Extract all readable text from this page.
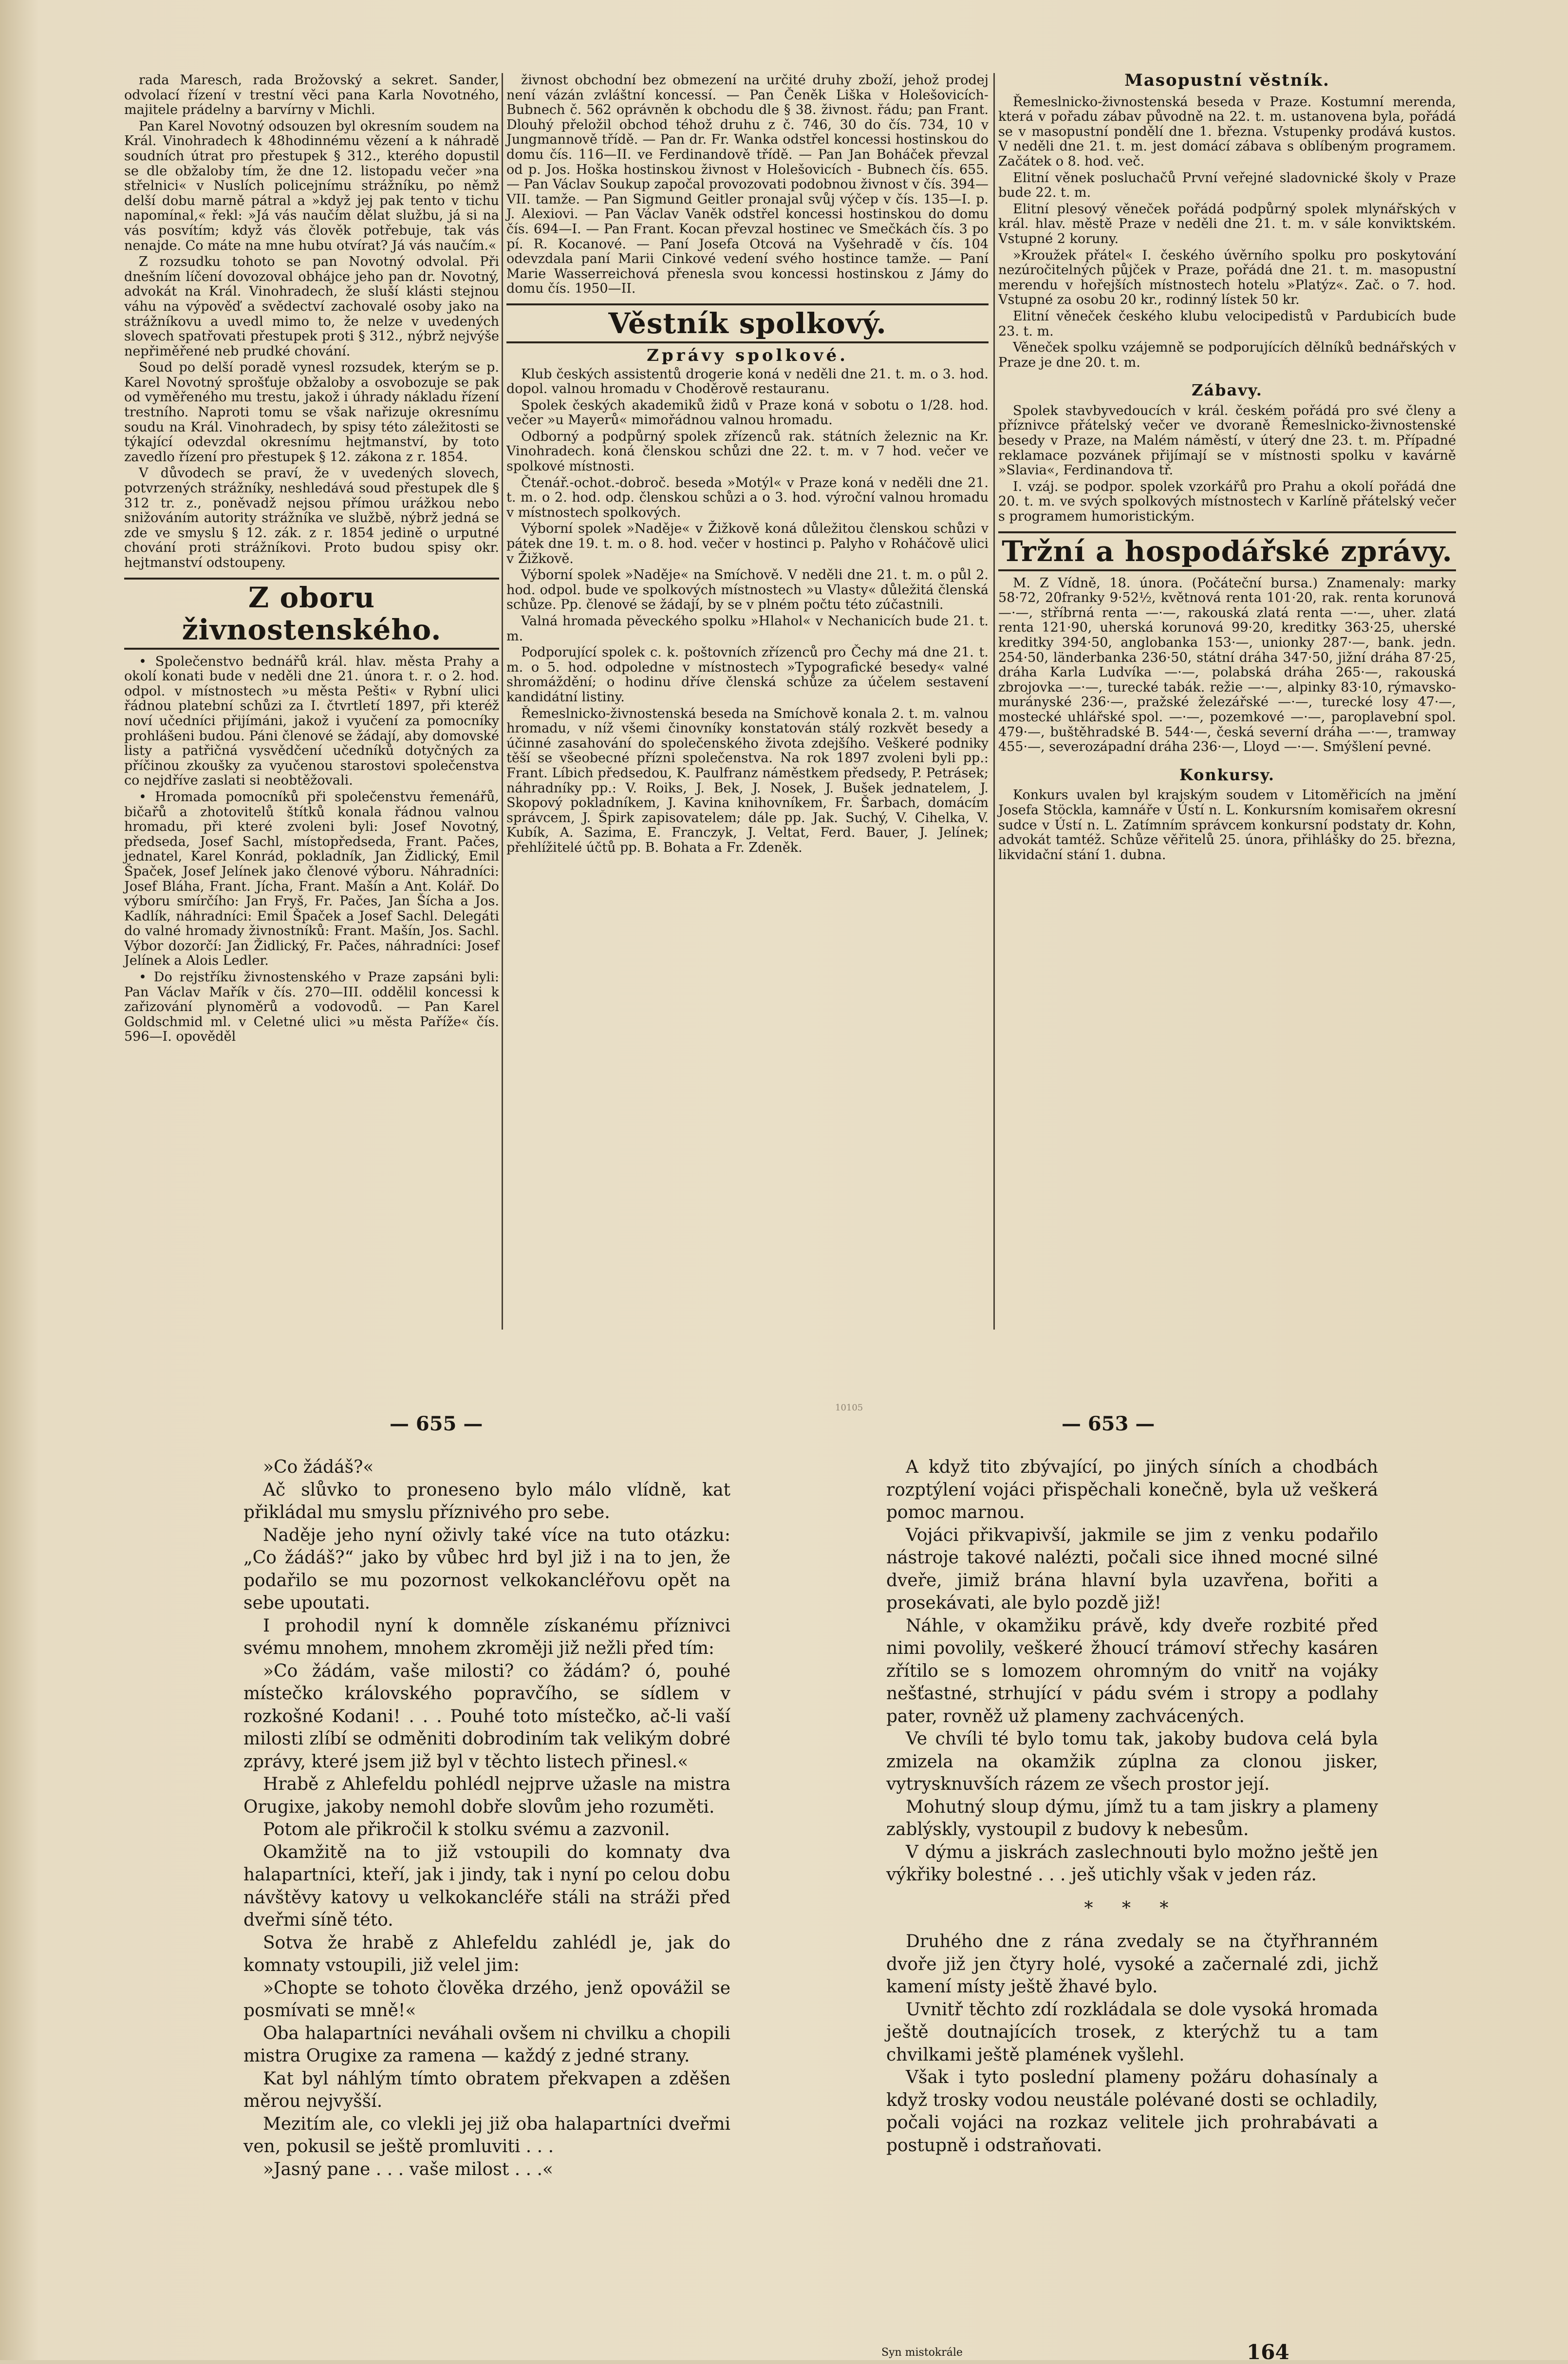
rada Maresch, rada Brožovský a sekret. Sander, odvolací řízení v trestní věci pana Karla Novotného, majitele prádelny a barvírny v Michli.

Pan Karel Novotný odsouzen byl okresním soudem na Král. Vinohradech k 48hodinnému vězení a k náhradě soudních útrat pro přestupek § 312., kterého dopustil se dle obžaloby tím, že dne 12. listopadu večer »na střelnici« v Nuslích policejnímu strážníku, po němž delší dobu marně pátral a »když jej pak tento v tichu napomínal,« řekl: »Já vás naučím dělat službu, já si na vás posvítím; když vás člověk potřebuje, tak vás nenajde. Co máte na mne hubu otvírat? Já vás naučím.«

Z rozsudku tohoto se pan Novotný odvolal. Při dnešním líčení dovozoval obhájce jeho pan dr. Novotný, advokát na Král. Vinohradech, že sluší klásti stejnou váhu na výpověď a svědectví zachovalé osoby jako na strážníkovu a uvedl mimo to, že nelze v uvedených slovech spatřovati přestupek proti § 312., nýbrž nejvýše nepřiměřené neb prudké chování.

Soud po delší poradě vynesl rozsudek, kterým se p. Karel Novotný sprošťuje obžaloby a osvobozuje se pak od vyměřeného mu trestu, jakož i úhrady nákladu řízení trestního. Naproti tomu se však nařizuje okresnímu soudu na Král. Vinohradech, by spisy této záležitosti se týkající odevzdal okresnímu hejtmanství, by toto zavedlo řízení pro přestupek § 12. zákona z r. 1854.

V důvodech se praví, že v uvedených slovech, potvrzených strážníky, neshledává soud přestupek dle § 312 tr. z., poněvadž nejsou přímou urážkou nebo snižováním autority strážníka ve službě, nýbrž jedná se zde ve smyslu § 12. zák. z r. 1854 jedině o urputné chování proti strážníkovi. Proto budou spisy okr. hejtmanství odstoupeny.

Z oboru živnostenského.

• Společenstvo bednářů král. hlav. města Prahy a okolí konati bude v neděli dne 21. února t. r. o 2. hod. odpol. v místnostech »u města Pešti« v Rybní ulici řádnou platební schůzi za I. čtvrtletí 1897, při kteréž noví učedníci přijímáni, jakož i vyučení za pomocníky prohlášeni budou. Páni členové se žádají, aby domovské listy a patřičná vysvědčení učedníků dotyčných za příčinou zkoušky za vyučenou starostovi společenstva co nejdříve zaslati si neobtěžovali.

• Hromada pomocníků při společenstvu řemenářů, bičařů a zhotovitelů štítků konala řádnou valnou hromadu, při které zvoleni byli: Josef Novotný, předseda, Josef Sachl, místopředseda, Frant. Pačes, jednatel, Karel Konrád, pokladník, Jan Židlický, Emil Špaček, Josef Jelínek jako členové výboru. Náhradníci: Josef Bláha, Frant. Jícha, Frant. Mašín a Ant. Kolář. Do výboru smírčího: Jan Fryš, Fr. Pačes, Jan Šícha a Jos. Kadlík, náhradníci: Emil Špaček a Josef Sachl. Delegáti do valné hromady živnostníků: Frant. Mašín, Jos. Sachl. Výbor dozorčí: Jan Židlický, Fr. Pačes, náhradníci: Josef Jelínek a Alois Ledler.

• Do rejstříku živnostenského v Praze zapsáni byli: Pan Václav Mařík v čís. 270—III. oddělil koncessi k zařizování plynoměrů a vodovodů. — Pan Karel Goldschmid ml. v Celetné ulici »u města Paříže« čís. 596—I. opověděl

živnost obchodní bez obmezení na určité druhy zboží, jehož prodej není vázán zvláštní koncessí. — Pan Čeněk Liška v Holešovicích-Bubnech č. 562 oprávněn k obchodu dle § 38. živnost. řádu; pan Frant. Dlouhý přeložil obchod téhož druhu z č. 746, 30 do čís. 734, 10 v Jungmannově třídě. — Pan dr. Fr. Wanka odstřel koncessi hostinskou do domu čís. 116—II. ve Ferdinandově třídě. — Pan Jan Boháček převzal od p. Jos. Hoška hostinskou živnost v Holešovicích - Bubnech čís. 655. — Pan Václav Soukup započal provozovati podobnou živnost v čís. 394—VII. tamže. — Pan Sigmund Geitler pronajal svůj výčep v čís. 135—I. p. J. Alexiovi. — Pan Václav Vaněk odstřel koncessi hostinskou do domu čís. 694—I. — Pan Frant. Kocan převzal hostinec ve Smečkách čís. 3 po pí. R. Kocanové. — Paní Josefa Otcová na Vyšehradě v čís. 104 odevzdala paní Marii Cinkové vedení svého hostince tamže. — Paní Marie Wasserreichová přenesla svou koncessi hostinskou z Jámy do domu čís. 1950—II.

Věstník spolkový.
Zprávy spolkové.

Klub českých assistentů drogerie koná v neděli dne 21. t. m. o 3. hod. dopol. valnou hromadu v Choděrově restauranu.

Spolek českých akademiků židů v Praze koná v sobotu o 1/28. hod. večer »u Mayerů« mimořádnou valnou hromadu.

Odborný a podpůrný spolek zřízenců rak. státních železnic na Kr. Vinohradech. koná členskou schůzi dne 22. t. m. v 7 hod. večer ve spolkové místnosti.

Čtenář.-ochot.-dobroč. beseda »Motýl« v Praze koná v neděli dne 21. t. m. o 2. hod. odp. členskou schůzi a o 3. hod. výroční valnou hromadu v místnostech spolkových.

Výborní spolek »Naděje« v Žižkově koná důležitou členskou schůzi v pátek dne 19. t. m. o 8. hod. večer v hostinci p. Palyho v Roháčově ulici v Žižkově.

Výborní spolek »Naděje« na Smíchově. V neděli dne 21. t. m. o půl 2. hod. odpol. bude ve spolkových místnostech »u Vlasty« důležitá členská schůze. Pp. členové se žádají, by se v plném počtu této zúčastnili.

Valná hromada pěveckého spolku »Hlahol« v Nechanicích bude 21. t. m.

Podporující spolek c. k. poštovních zřízenců pro Čechy má dne 21. t. m. o 5. hod. odpoledne v místnostech »Typografické besedy« valné shromáždění; o hodinu dříve členská schůze za účelem sestavení kandidátní listiny.

Řemeslnicko-živnostenská beseda na Smíchově konala 2. t. m. valnou hromadu, v níž všemi činovníky konstatován stálý rozkvět besedy a účinné zasahování do společenského života zdejšího. Veškeré podniky těší se všeobecné přízni společenstva. Na rok 1897 zvoleni byli pp.: Frant. Líbich předsedou, K. Paulfranz náměstkem předsedy, P. Petrásek; náhradníky pp.: V. Roiks, J. Bek, J. Nosek, J. Bušek jednatelem, J. Skopový pokladníkem, J. Kavina knihovníkem, Fr. Šarbach, domácím správcem, J. Špirk zapisovatelem; dále pp. Jak. Suchý, V. Cihelka, V. Kubík, A. Sazima, E. Franczyk, J. Veltat, Ferd. Bauer, J. Jelínek; přehlížitelé účtů pp. B. Bohata a Fr. Zdeněk.

Masopustní věstník.

Řemeslnicko-živnostenská beseda v Praze. Kostumní merenda, která v pořadu zábav původně na 22. t. m. ustanovena byla, pořádá se v masopustní pondělí dne 1. března. Vstupenky prodává kustos. V neděli dne 21. t. m. jest domácí zábava s oblíbeným programem. Začátek o 8. hod. več.

Elitní věnek posluchačů První veřejné sladovnické školy v Praze bude 22. t. m.

Elitní plesový věneček pořádá podpůrný spolek mlynářských v král. hlav. městě Praze v neděli dne 21. t. m. v sále konviktském. Vstupné 2 koruny.

»Kroužek přátel« I. českého úvěrního spolku pro poskytování nezúročitelných půjček v Praze, pořádá dne 21. t. m. masopustní merendu v hořejších místnostech hotelu »Platýz«. Zač. o 7. hod. Vstupné za osobu 20 kr., rodinný lístek 50 kr.

Elitní věneček českého klubu velocipedistů v Pardubicích bude 23. t. m.

Věneček spolku vzájemně se podporujících dělníků bednářských v Praze je dne 20. t. m.

Zábavy.

Spolek stavbyvedoucích v král. českém pořádá pro své členy a příznivce přátelský večer ve dvoraně Řemeslnicko-živnostenské besedy v Praze, na Malém náměstí, v úterý dne 23. t. m. Případné reklamace pozvánek přijímají se v místnosti spolku v kavárně »Slavia«, Ferdinandova tř.

I. vzáj. se podpor. spolek vzorkářů pro Prahu a okolí pořádá dne 20. t. m. ve svých spolkových místnostech v Karlíně přátelský večer s programem humoristickým.

Tržní a hospodářské zprávy.

M. Z Vídně, 18. února. (Počáteční bursa.) Znamenaly: marky 58·72, 20franky 9·52½, květnová renta 101·20, rak. renta korunová —·—, stříbrná renta —·—, rakouská zlatá renta —·—, uher. zlatá renta 121·90, uherská korunová 99·20, kreditky 363·25, uherské kreditky 394·50, anglobanka 153·—, unionky 287·—, bank. jedn. 254·50, länderbanka 236·50, státní dráha 347·50, jižní dráha 87·25, dráha Karla Ludvíka —·—, polabská dráha 265·—, rakouská zbrojovka —·—, turecké tabák. režie —·—, alpinky 83·10, rýmavsko-murányské 236·—, pražské železářské —·—, turecké losy 47·—, mostecké uhlářské spol. —·—, pozemkové —·—, paroplavební spol. 479·—, buštěhradské B. 544·—, česká severní dráha —·—, tramway 455·—, severozápadní dráha 236·—, Lloyd —·—. Smýšlení pevné.

Konkursy.

Konkurs uvalen byl krajským soudem v Litoměřicích na jmění Josefa Stöckla, kamnáře v Ústí n. L. Konkursním komisařem okresní sudce v Ústí n. L. Zatímním správcem konkursní podstaty dr. Kohn, advokát tamtéž. Schůze věřitelů 25. února, přihlášky do 25. března, likvidační stání 1. dubna.

— 655 —
10105
— 653 —

»Co žádáš?«

Ač slůvko to proneseno bylo málo vlídně, kat přikládal mu smyslu příznivého pro sebe.

Naděje jeho nyní oživly také více na tuto otázku: „Co žádáš?“ jako by vůbec hrd byl již i na to jen, že podařilo se mu pozornost velkokancléřovu opět na sebe upoutati.

I prohodil nyní k domněle získanému příznivci svému mnohem, mnohem zkroměji již nežli před tím:

»Co žádám, vaše milosti? co žádám? ó, pouhé místečko královského popravčího, se sídlem v rozkošné Kodani! . . . Pouhé toto místečko, ač-li vaší milosti zlíbí se odměniti dobrodiním tak velikým dobré zprávy, které jsem již byl v těchto listech přinesl.«

Hrabě z Ahlefeldu pohlédl nejprve užasle na mistra Orugixe, jakoby nemohl dobře slovům jeho rozuměti.

Potom ale přikročil k stolku svému a zazvonil.

Okamžitě na to již vstoupili do komnaty dva halapartníci, kteří, jak i jindy, tak i nyní po celou dobu návštěvy katovy u velkokancléře stáli na stráži před dveřmi síně této.

Sotva že hrabě z Ahlefeldu zahlédl je, jak do komnaty vstoupili, již velel jim:

»Chopte se tohoto člověka drzého, jenž opovážil se posmívati se mně!«

Oba halapartníci neváhali ovšem ni chvilku a chopili mistra Orugixe za ramena — každý z jedné strany.

Kat byl náhlým tímto obratem překvapen a zděšen měrou nejvyšší.

Mezitím ale, co vlekli jej již oba halapartníci dveřmi ven, pokusil se ještě promluviti . . .

»Jasný pane . . . vaše milost . . .«

A když tito zbývající, po jiných síních a chodbách rozptýlení vojáci přispěchali konečně, byla už veškerá pomoc marnou.

Vojáci přikvapivší, jakmile se jim z venku podařilo nástroje takové nalézti, počali sice ihned mocné silné dveře, jimiž brána hlavní byla uzavřena, bořiti a prosekávati, ale bylo pozdě již!

Náhle, v okamžiku právě, kdy dveře rozbité před nimi povolily, veškeré žhoucí trámoví střechy kasáren zřítilo se s lomozem ohromným do vnitř na vojáky nešťastné, strhující v pádu svém i stropy a podlahy pater, rovněž už plameny zachvácených.

Ve chvíli té bylo tomu tak, jakoby budova celá byla zmizela na okamžik zúplna za clonou jisker, vytrysknuvších rázem ze všech prostor její.

Mohutný sloup dýmu, jímž tu a tam jiskry a plameny zablýskly, vystoupil z budovy k nebesům.

V dýmu a jiskrách zaslechnouti bylo možno ještě jen výkřiky bolestné . . . ješ utichly však v jeden ráz.

* * *

Druhého dne z rána zvedaly se na čtyřhranném dvoře již jen čtyry holé, vysoké a začernalé zdi, jichž kamení místy ještě žhavé bylo.

Uvnitř těchto zdí rozkládala se dole vysoká hromada ještě doutnajících trosek, z kterýchž tu a tam chvilkami ještě plamének vyšlehl.

Však i tyto poslední plameny požáru dohasínaly a když trosky vodou neustále polévané dosti se ochladily, počali vojáci na rozkaz velitele jich prohrabávati a postupně i odstraňovati.

Syn mistokrále	164
